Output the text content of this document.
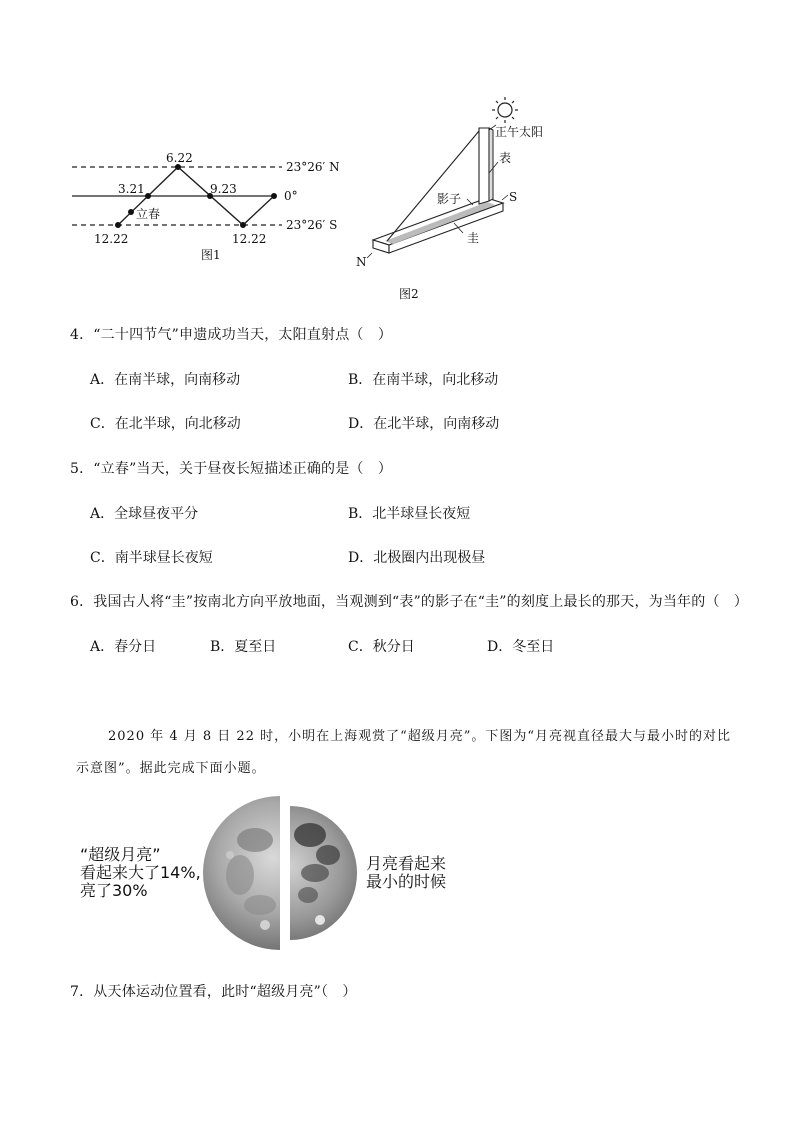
6.22
3.21	9.23
立春
12.22	12.22
23°26′ N
0°
23°26′ S
图1
正午太阳
表
影子	S
圭
N
图2
4．“二十四节气”申遗成功当天，太阳直射点（　）
A．在南半球，向南移动	B．在南半球，向北移动
C．在北半球，向北移动	D．在北半球，向南移动
5．“立春”当天，关于昼夜长短描述正确的是（　）
A．全球昼夜平分	B．北半球昼长夜短
C．南半球昼长夜短	D．北极圈内出现极昼
6．我国古人将“圭”按南北方向平放地面，当观测到“表”的影子在“圭”的刻度上最长的那天，为当年的（　）
A．春分日	B．夏至日	C．秋分日	D．冬至日
2020 年 4 月 8 日 22 时，小明在上海观赏了“超级月亮”。下图为“月亮视直径最大与最小时的对比
示意图”。据此完成下面小题。
“超级月亮”
看起来大了14%,
亮了30%
月亮看起来
最小的时候
7．从天体运动位置看，此时“超级月亮”（　）
